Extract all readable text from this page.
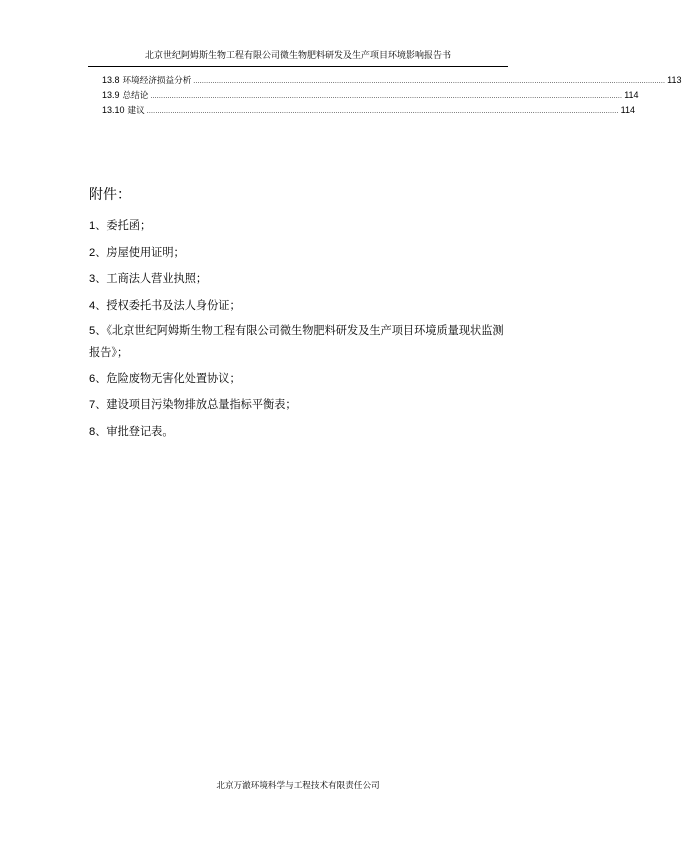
北京世纪阿姆斯生物工程有限公司微生物肥料研发及生产项目环境影响报告书
13.8 环境经济损益分析 ............................................................................................................................................................................................................................ 113
13.9 总结论 ............................................................................................................................................................................................................................ 114
13.10 建议 ............................................................................................................................................................................................................................ 114
附件：
1、委托函；
2、房屋使用证明；
3、工商法人营业执照；
4、授权委托书及法人身份证；
5、《北京世纪阿姆斯生物工程有限公司微生物肥料研发及生产项目环境质量现状监测报告》；
6、危险废物无害化处置协议；
7、建设项目污染物排放总量指标平衡表；
8、审批登记表。
北京万澈环境科学与工程技术有限责任公司
